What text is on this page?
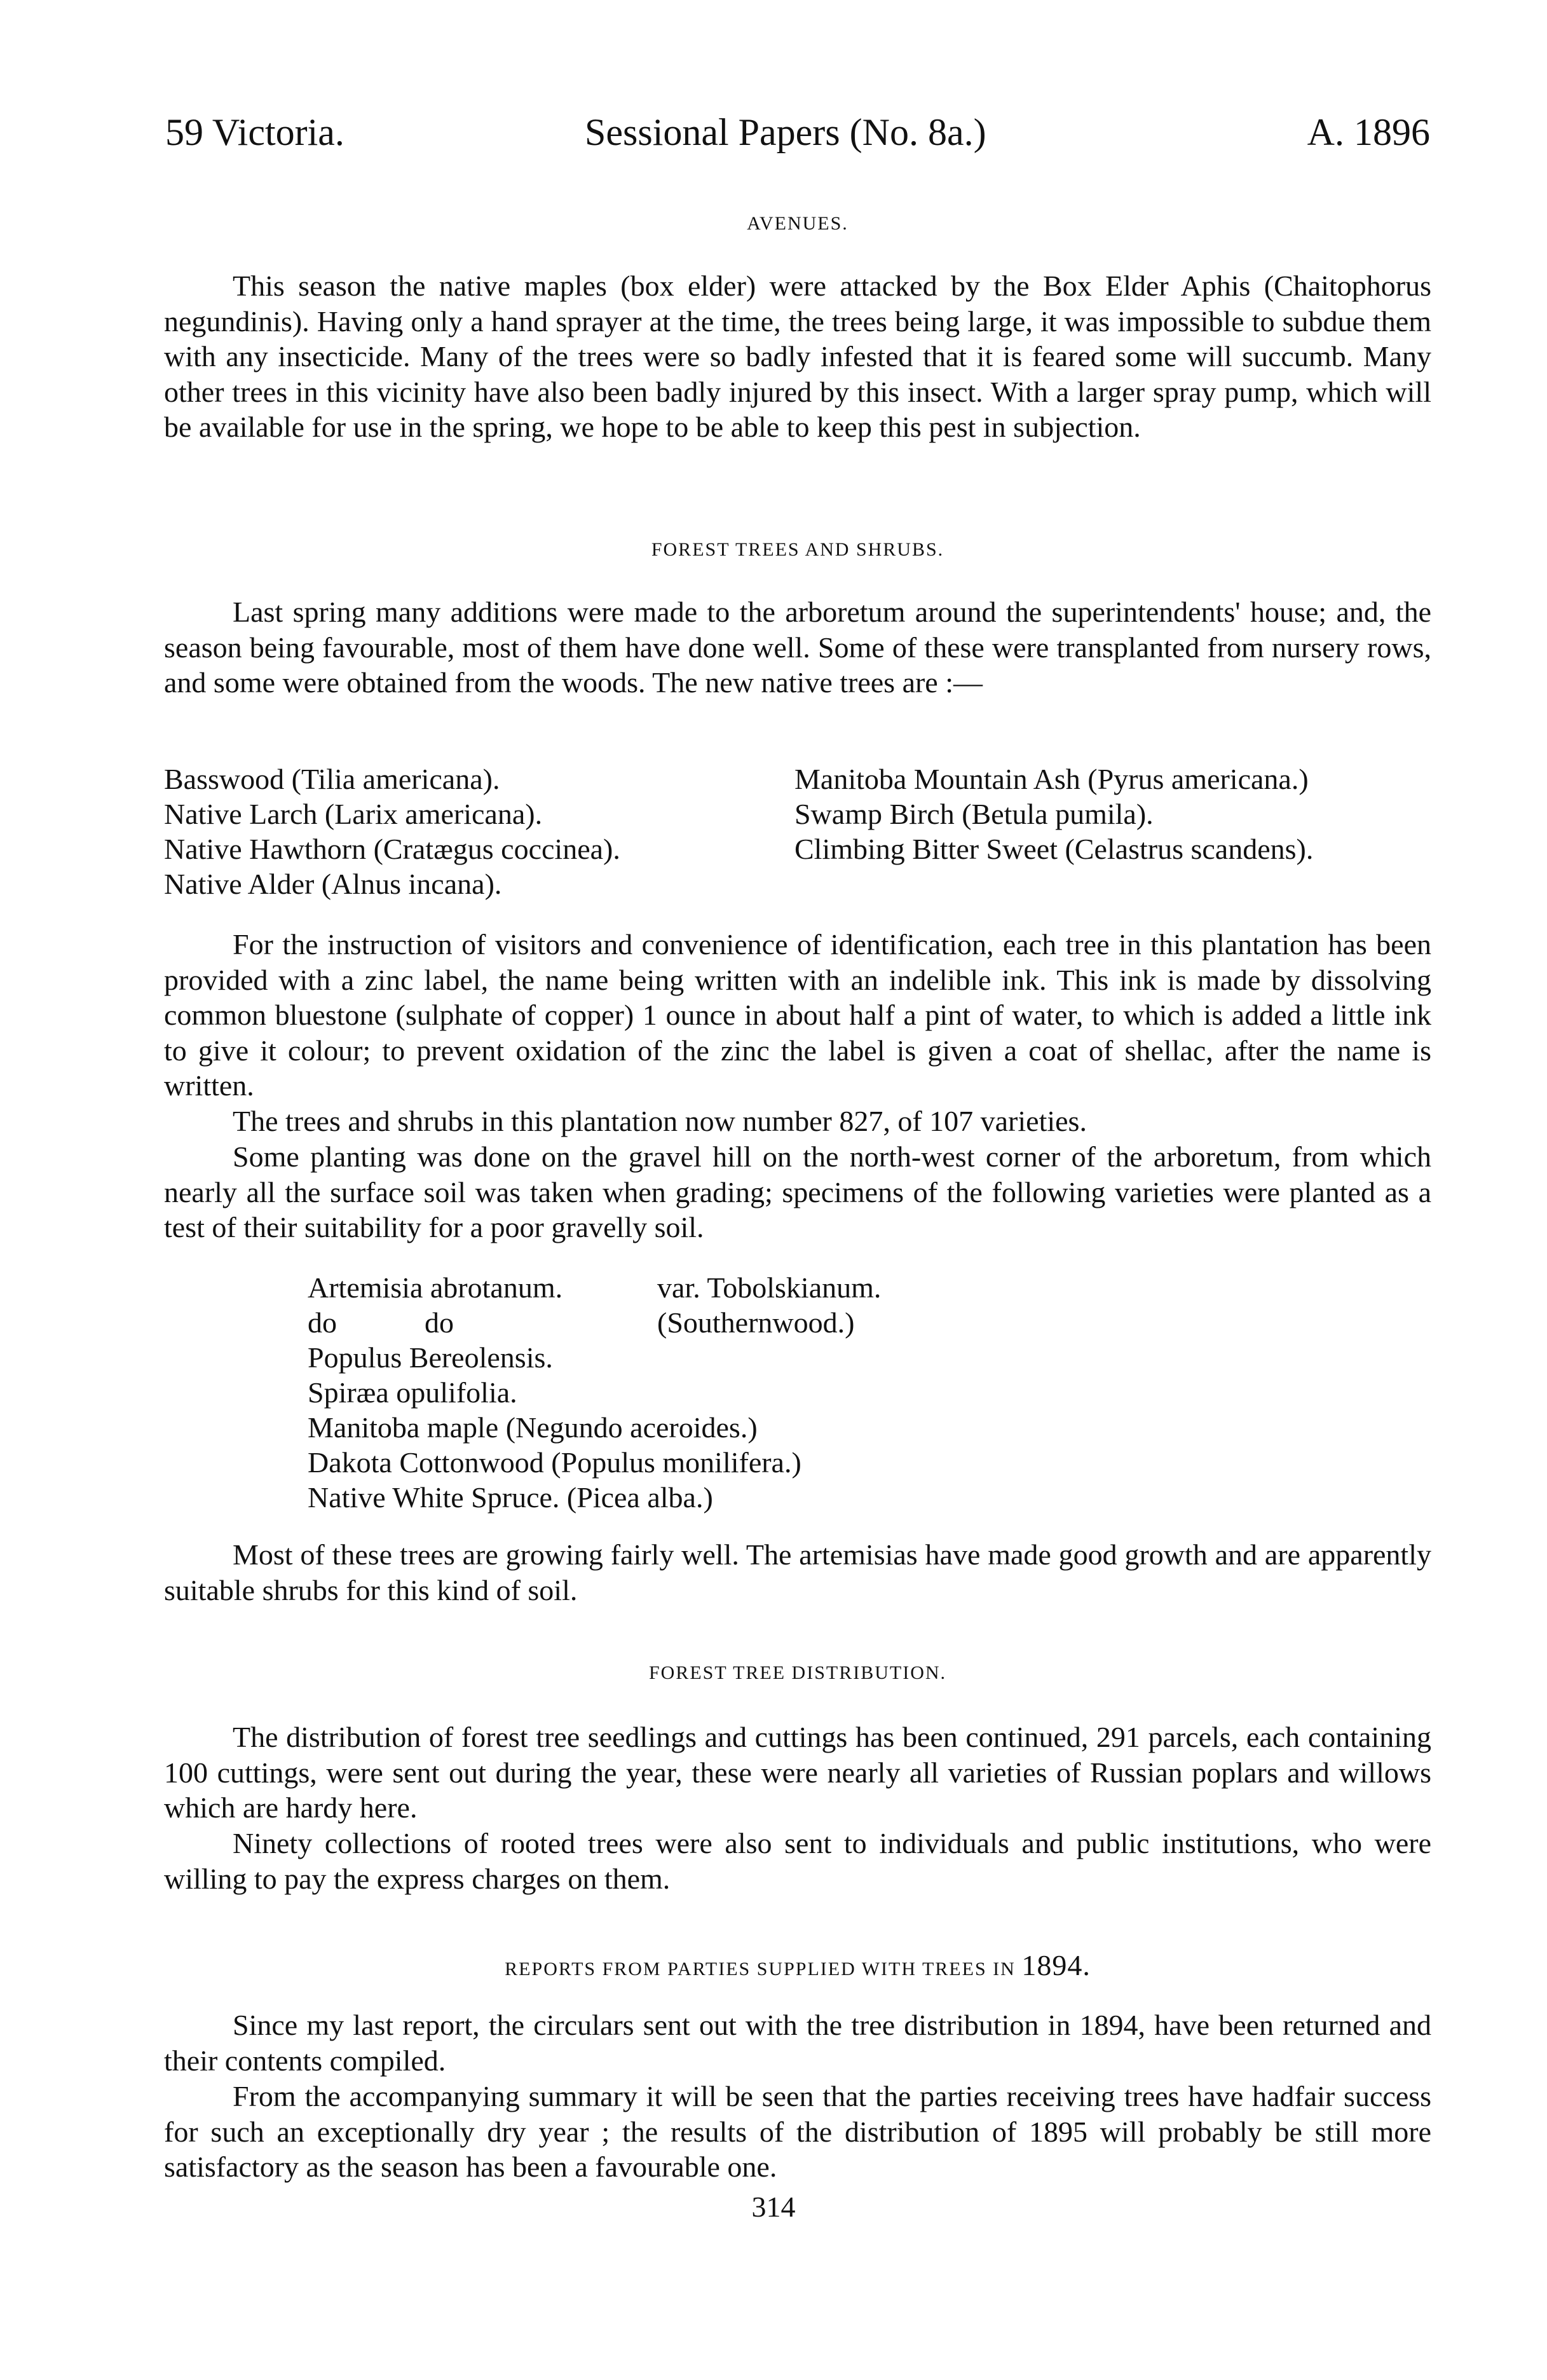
59 Victoria.	Sessional Papers (No. 8a.)	A. 1896
AVENUES.

This season the native maples (box elder) were attacked by the Box Elder Aphis (Chaitophorus negundinis). Having only a hand sprayer at the time, the trees being large, it was impossible to subdue them with any insecticide. Many of the trees were so badly infested that it is feared some will succumb. Many other trees in this vicinity have also been badly injured by this insect. With a larger spray pump, which will be available for use in the spring, we hope to be able to keep this pest in subjection.

FOREST TREES AND SHRUBS.

Last spring many additions were made to the arboretum around the superintendents' house; and, the season being favourable, most of them have done well. Some of these were transplanted from nursery rows, and some were obtained from the woods. The new native trees are :—

Basswood (Tilia americana).
Native Larch (Larix americana).
Native Hawthorn (Cratægus coccinea).
Native Alder (Alnus incana).
Manitoba Mountain Ash (Pyrus americana.)
Swamp Birch (Betula pumila).
Climbing Bitter Sweet (Celastrus scandens).

For the instruction of visitors and convenience of identification, each tree in this plantation has been provided with a zinc label, the name being written with an indelible ink. This ink is made by dissolving common bluestone (sulphate of copper) 1 ounce in about half a pint of water, to which is added a little ink to give it colour; to prevent oxidation of the zinc the label is given a coat of shellac, after the name is written.

The trees and shrubs in this plantation now number 827, of 107 varieties.

Some planting was done on the gravel hill on the north-west corner of the arboretum, from which nearly all the surface soil was taken when grading; specimens of the following varieties were planted as a test of their suitability for a poor gravelly soil.

Artemisia abrotanum.	var. Tobolskianum.
do            do	(Southernwood.)
Populus Bereolensis.
Spiræa opulifolia.
Manitoba maple (Negundo aceroides.)
Dakota Cottonwood (Populus monilifera.)
Native White Spruce. (Picea alba.)

Most of these trees are growing fairly well. The artemisias have made good growth and are apparently suitable shrubs for this kind of soil.

FOREST TREE DISTRIBUTION.

The distribution of forest tree seedlings and cuttings has been continued, 291 parcels, each containing 100 cuttings, were sent out during the year, these were nearly all varieties of Russian poplars and willows which are hardy here.

Ninety collections of rooted trees were also sent to individuals and public institutions, who were willing to pay the express charges on them.

REPORTS FROM PARTIES SUPPLIED WITH TREES IN 1894.

Since my last report, the circulars sent out with the tree distribution in 1894, have been returned and their contents compiled.

From the accompanying summary it will be seen that the parties receiving trees have hadfair success for such an exceptionally dry year ; the results of the distribution of 1895 will probably be still more satisfactory as the season has been a favourable one.

314
